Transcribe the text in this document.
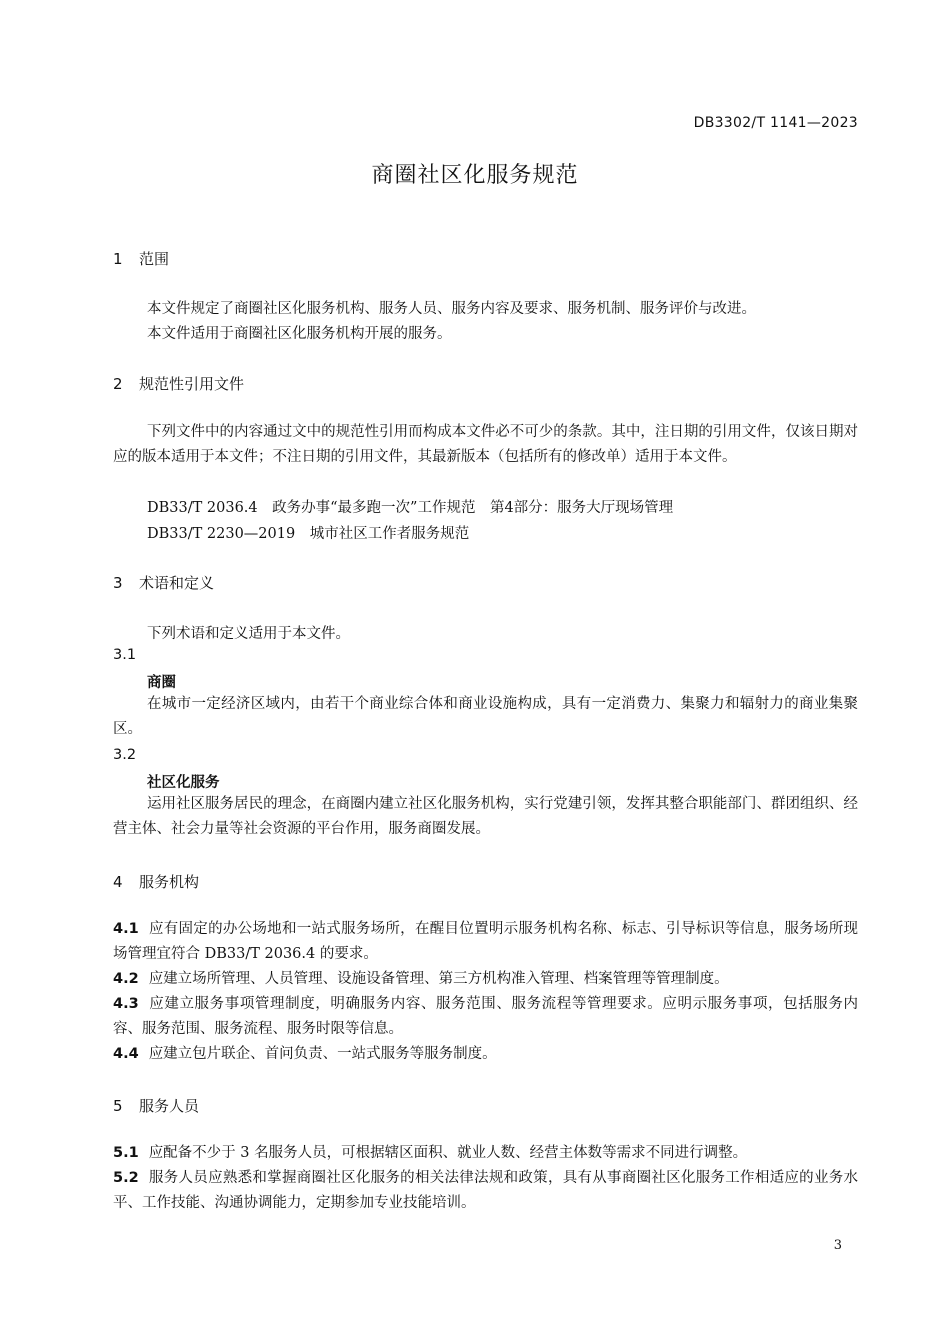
DB3302/T 1141—2023
商圈社区化服务规范
1 范围
本文件规定了商圈社区化服务机构、服务人员、服务内容及要求、服务机制、服务评价与改进。
本文件适用于商圈社区化服务机构开展的服务。
2 规范性引用文件
下列文件中的内容通过文中的规范性引用而构成本文件必不可少的条款。其中，注日期的引用文件，仅该日期对应的版本适用于本文件；不注日期的引用文件，其最新版本（包括所有的修改单）适用于本文件。
DB33/T 2036.4　政务办事“最多跑一次”工作规范　第4部分：服务大厅现场管理
DB33/T 2230—2019　城市社区工作者服务规范
3 术语和定义
下列术语和定义适用于本文件。
3.1
商圈
在城市一定经济区域内，由若干个商业综合体和商业设施构成，具有一定消费力、集聚力和辐射力的商业集聚区。
3.2
社区化服务
运用社区服务居民的理念，在商圈内建立社区化服务机构，实行党建引领，发挥其整合职能部门、群团组织、经营主体、社会力量等社会资源的平台作用，服务商圈发展。
4 服务机构
4.1 应有固定的办公场地和一站式服务场所，在醒目位置明示服务机构名称、标志、引导标识等信息，服务场所现场管理宜符合 DB33/T 2036.4 的要求。
4.2 应建立场所管理、人员管理、设施设备管理、第三方机构准入管理、档案管理等管理制度。
4.3 应建立服务事项管理制度，明确服务内容、服务范围、服务流程等管理要求。应明示服务事项，包括服务内容、服务范围、服务流程、服务时限等信息。
4.4 应建立包片联企、首问负责、一站式服务等服务制度。
5 服务人员
5.1 应配备不少于 3 名服务人员，可根据辖区面积、就业人数、经营主体数等需求不同进行调整。
5.2 服务人员应熟悉和掌握商圈社区化服务的相关法律法规和政策，具有从事商圈社区化服务工作相适应的业务水平、工作技能、沟通协调能力，定期参加专业技能培训。
3
